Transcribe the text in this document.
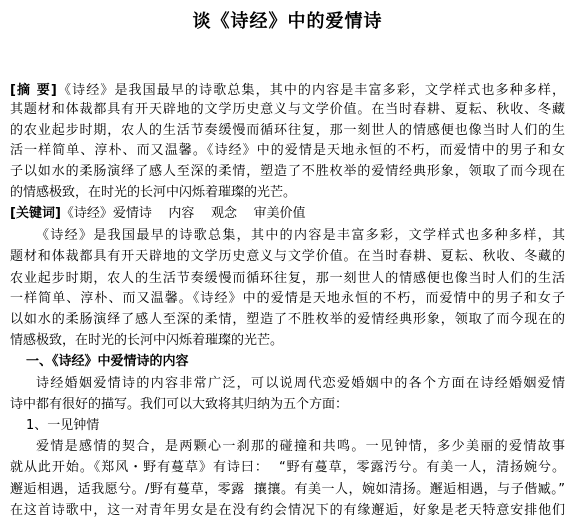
谈《诗经》中的爱情诗
[摘 要]《诗经》是我国最早的诗歌总集，其中的内容是丰富多彩，文学样式也多种多样，
其题材和体裁都具有开天辟地的文学历史意义与文学价值。在当时春耕、夏耘、秋收、冬藏
的农业起步时期，农人的生活节奏缓慢而循环往复，那一刻世人的情感便也像当时人们的生
活一样简单、淳朴、而又温馨。《诗经》中的爱情是天地永恒的不朽，而爱情中的男子和女
子以如水的柔肠演绎了感人至深的柔情，塑造了不胜枚举的爱情经典形象，领取了而今现在
的情感极致，在时光的长河中闪烁着璀璨的光芒。
[关键词]《诗经》爱情诗    内容    观念    审美价值
《诗经》是我国最早的诗歌总集，其中的内容是丰富多彩，文学样式也多种多样，其
题材和体裁都具有开天辟地的文学历史意义与文学价值。在当时春耕、夏耘、秋收、冬藏的
农业起步时期，农人的生活节奏缓慢而循环往复，那一刻世人的情感便也像当时人们的生活
一样简单、淳朴、而又温馨。《诗经》中的爱情是天地永恒的不朽，而爱情中的男子和女子
以如水的柔肠演绎了感人至深的柔情，塑造了不胜枚举的爱情经典形象，领取了而今现在的
情感极致，在时光的长河中闪烁着璀璨的光芒。
一、《诗经》中爱情诗的内容
诗经婚姻爱情诗的内容非常广泛，可以说周代恋爱婚姻中的各个方面在诗经婚姻爱情
诗中都有很好的描写。我们可以大致将其归纳为五个方面：
1、一见钟情
爱情是感情的契合，是两颗心一刹那的碰撞和共鸣。一见钟情，多少美丽的爱情故事
就从此开始。《郑风・野有蔓草》有诗曰：  “野有蔓草，零露汚兮。有美一人，清扬婉兮。
邂逅相遇，适我愿兮。/野有蔓草，零露  攘攘。有美一人，婉如清扬。邂逅相遇，与子偕臧。”
在这首诗歌中，这一对青年男女是在没有约会情况下的有缘邂逅，好象是老天特意安排他们
